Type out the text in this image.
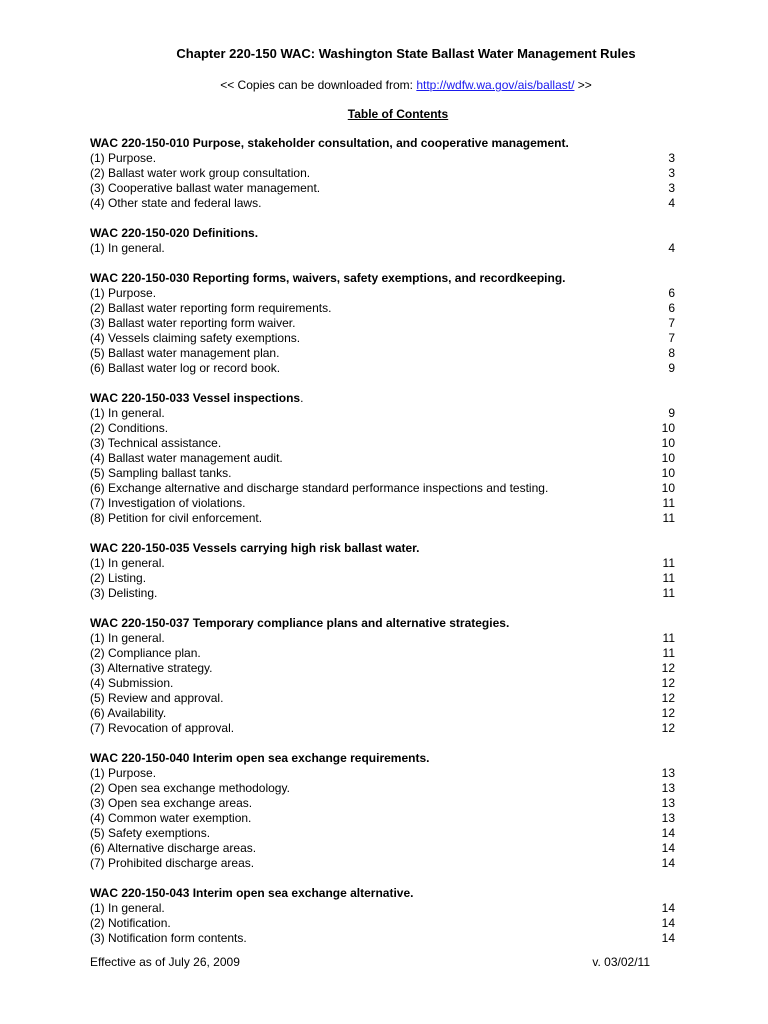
Chapter 220-150 WAC: Washington State Ballast Water Management Rules
<< Copies can be downloaded from: http://wdfw.wa.gov/ais/ballast/ >>
Table of Contents
WAC 220-150-010 Purpose, stakeholder consultation, and cooperative management.
(1) Purpose.	3
(2) Ballast water work group consultation.	3
(3) Cooperative ballast water management.	3
(4) Other state and federal laws.	4
WAC 220-150-020 Definitions.
(1) In general.	4
WAC 220-150-030 Reporting forms, waivers, safety exemptions, and recordkeeping.
(1) Purpose.	6
(2) Ballast water reporting form requirements.	6
(3) Ballast water reporting form waiver.	7
(4) Vessels claiming safety exemptions.	7
(5) Ballast water management plan.	8
(6) Ballast water log or record book.	9
WAC 220-150-033 Vessel inspections.
(1) In general.	9
(2) Conditions.	10
(3) Technical assistance.	10
(4) Ballast water management audit.	10
(5) Sampling ballast tanks.	10
(6) Exchange alternative and discharge standard performance inspections and testing.	10
(7) Investigation of violations.	11
(8) Petition for civil enforcement.	11
WAC 220-150-035 Vessels carrying high risk ballast water.
(1) In general.	11
(2) Listing.	11
(3) Delisting.	11
WAC 220-150-037 Temporary compliance plans and alternative strategies.
(1) In general.	11
(2) Compliance plan.	11
(3) Alternative strategy.	12
(4) Submission.	12
(5) Review and approval.	12
(6) Availability.	12
(7) Revocation of approval.	12
WAC 220-150-040 Interim open sea exchange requirements.
(1) Purpose.	13
(2) Open sea exchange methodology.	13
(3) Open sea exchange areas.	13
(4) Common water exemption.	13
(5) Safety exemptions.	14
(6) Alternative discharge areas.	14
(7) Prohibited discharge areas.	14
WAC 220-150-043 Interim open sea exchange alternative.
(1) In general.	14
(2) Notification.	14
(3) Notification form contents.	14
Effective as of July 26, 2009	v. 03/02/11
